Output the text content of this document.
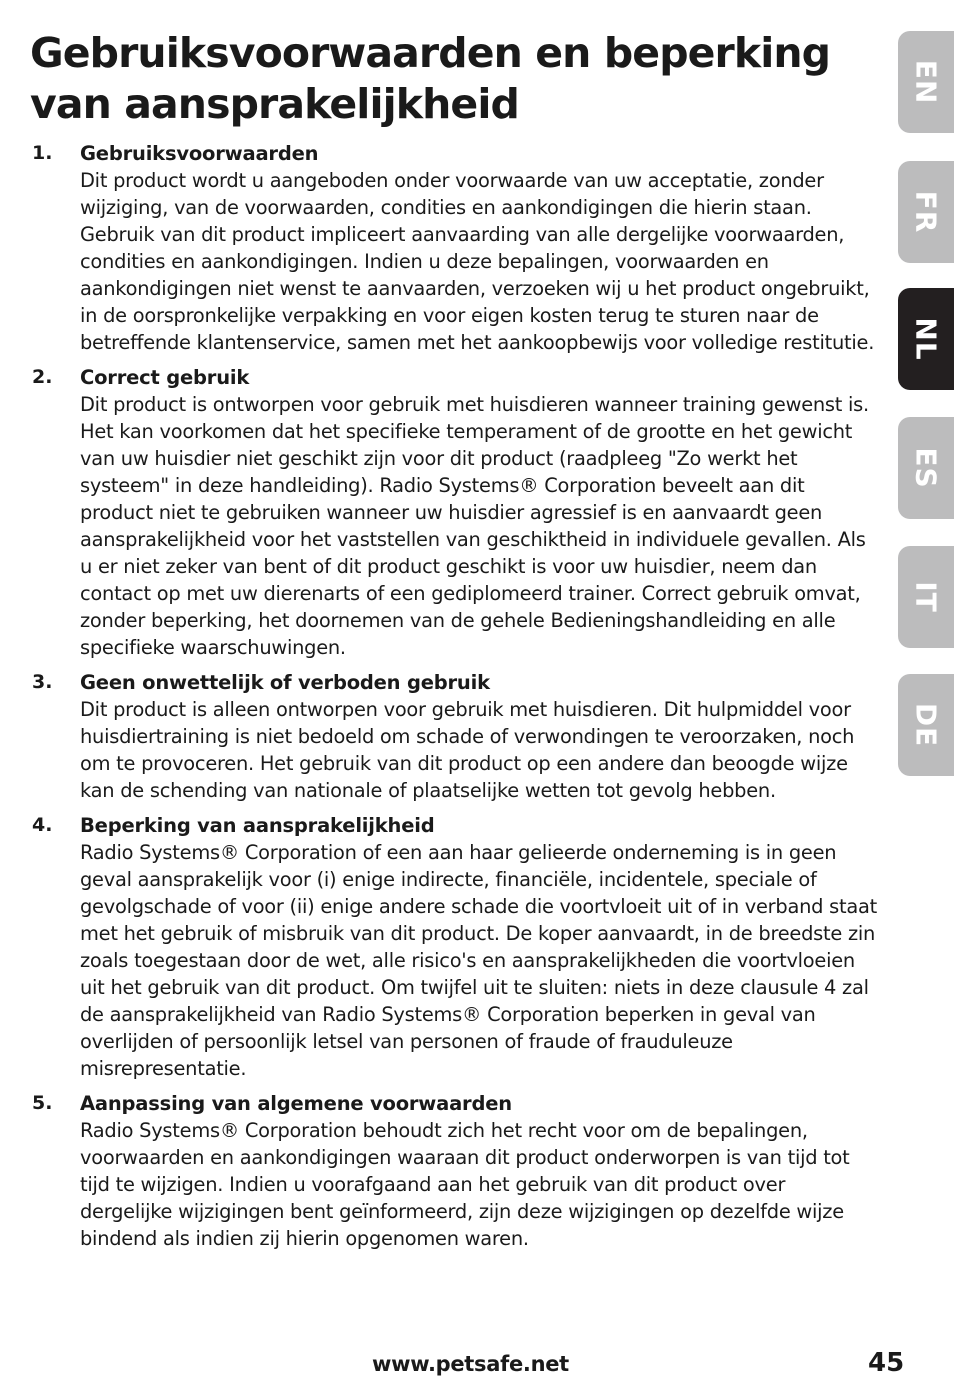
Gebruiksvoorwaarden en beperking van aansprakelijkheid
1. Gebruiksvoorwaarden
Dit product wordt u aangeboden onder voorwaarde van uw acceptatie, zonder wijziging, van de voorwaarden, condities en aankondigingen die hierin staan. Gebruik van dit product impliceert aanvaarding van alle dergelijke voorwaarden, condities en aankondigingen. Indien u deze bepalingen, voorwaarden en aankondigingen niet wenst te aanvaarden, verzoeken wij u het product ongebruikt, in de oorspronkelijke verpakking en voor eigen kosten terug te sturen naar de betreffende klantenservice, samen met het aankoopbewijs voor volledige restitutie.
2. Correct gebruik
Dit product is ontworpen voor gebruik met huisdieren wanneer training gewenst is. Het kan voorkomen dat het specifieke temperament of de grootte en het gewicht van uw huisdier niet geschikt zijn voor dit product (raadpleeg "Zo werkt het systeem" in deze handleiding). Radio Systems® Corporation beveelt aan dit product niet te gebruiken wanneer uw huisdier agressief is en aanvaardt geen aansprakelijkheid voor het vaststellen van geschiktheid in individuele gevallen. Als u er niet zeker van bent of dit product geschikt is voor uw huisdier, neem dan contact op met uw dierenarts of een gediplomeerd trainer. Correct gebruik omvat, zonder beperking, het doornemen van de gehele Bedieningshandleiding en alle specifieke waarschuwingen.
3. Geen onwettelijk of verboden gebruik
Dit product is alleen ontworpen voor gebruik met huisdieren. Dit hulpmiddel voor huisdiertraining is niet bedoeld om schade of verwondingen te veroorzaken, noch om te provoceren. Het gebruik van dit product op een andere dan beoogde wijze kan de schending van nationale of plaatselijke wetten tot gevolg hebben.
4. Beperking van aansprakelijkheid
Radio Systems® Corporation of een aan haar gelieerde onderneming is in geen geval aansprakelijk voor (i) enige indirecte, financiële, incidentele, speciale of gevolgschade of voor (ii) enige andere schade die voortvloeit uit of in verband staat met het gebruik of misbruik van dit product. De koper aanvaardt, in de breedste zin zoals toegestaan door de wet, alle risico's en aansprakelijkheden die voortvloeien uit het gebruik van dit product. Om twijfel uit te sluiten: niets in deze clausule 4 zal de aansprakelijkheid van Radio Systems® Corporation beperken in geval van overlijden of persoonlijk letsel van personen of fraude of frauduleuze misrepresentatie.
5. Aanpassing van algemene voorwaarden
Radio Systems® Corporation behoudt zich het recht voor om de bepalingen, voorwaarden en aankondigingen waaraan dit product onderworpen is van tijd tot tijd te wijzigen. Indien u voorafgaand aan het gebruik van dit product over dergelijke wijzigingen bent geïnformeerd, zijn deze wijzigingen op dezelfde wijze bindend als indien zij hierin opgenomen waren.
EN
FR
NL
ES
IT
DE
www.petsafe.net	45
